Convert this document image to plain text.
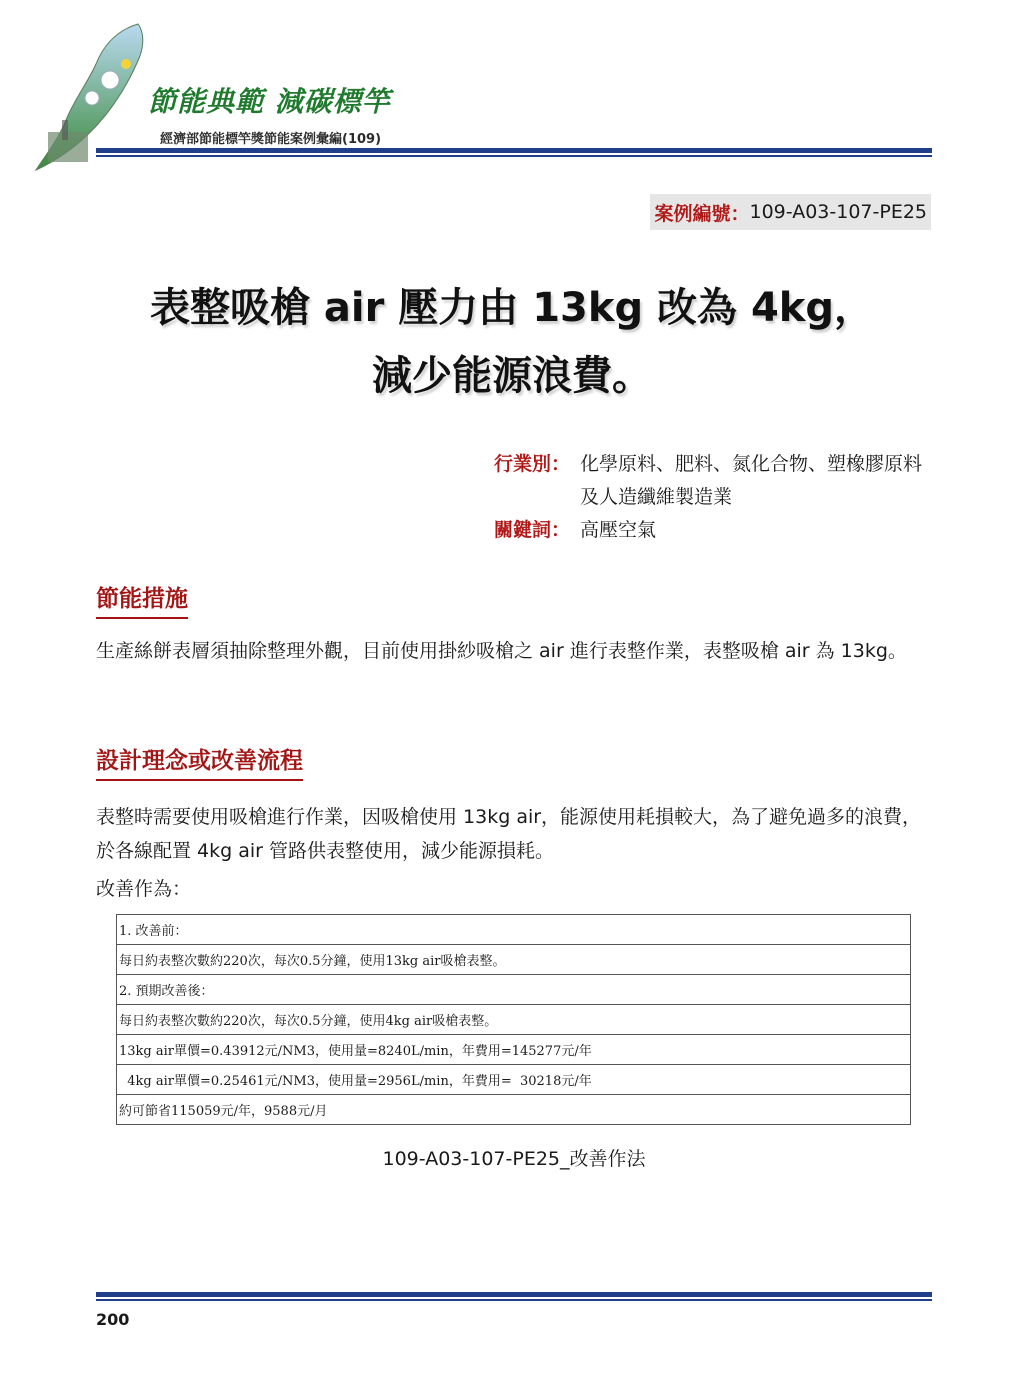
節能典範 減碳標竿
經濟部節能標竿獎節能案例彙編(109)
案例編號： 109-A03-107-PE25
表整吸槍 air 壓力由 13kg 改為 4kg，
減少能源浪費。
行業別： 化學原料、肥料、氮化合物、塑橡膠原料及人造纖維製造業
關鍵詞： 高壓空氣
節能措施
生產絲餅表層須抽除整理外觀，目前使用掛紗吸槍之 air 進行表整作業，表整吸槍 air 為 13kg。
設計理念或改善流程
表整時需要使用吸槍進行作業，因吸槍使用 13kg air，能源使用耗損較大，為了避免過多的浪費，於各線配置 4kg air 管路供表整使用，減少能源損耗。
改善作為：
1. 改善前：
每日約表整次數約220次，每次0.5分鐘，使用13kg air吸槍表整。
2. 預期改善後：
每日約表整次數約220次，每次0.5分鐘，使用4kg air吸槍表整。
13kg air單價=0.43912元/NM3，使用量=8240L/min，年費用=145277元/年
4kg air單價=0.25461元/NM3，使用量=2956L/min，年費用=  30218元/年
約可節省115059元/年，9588元/月
109-A03-107-PE25_改善作法
200
